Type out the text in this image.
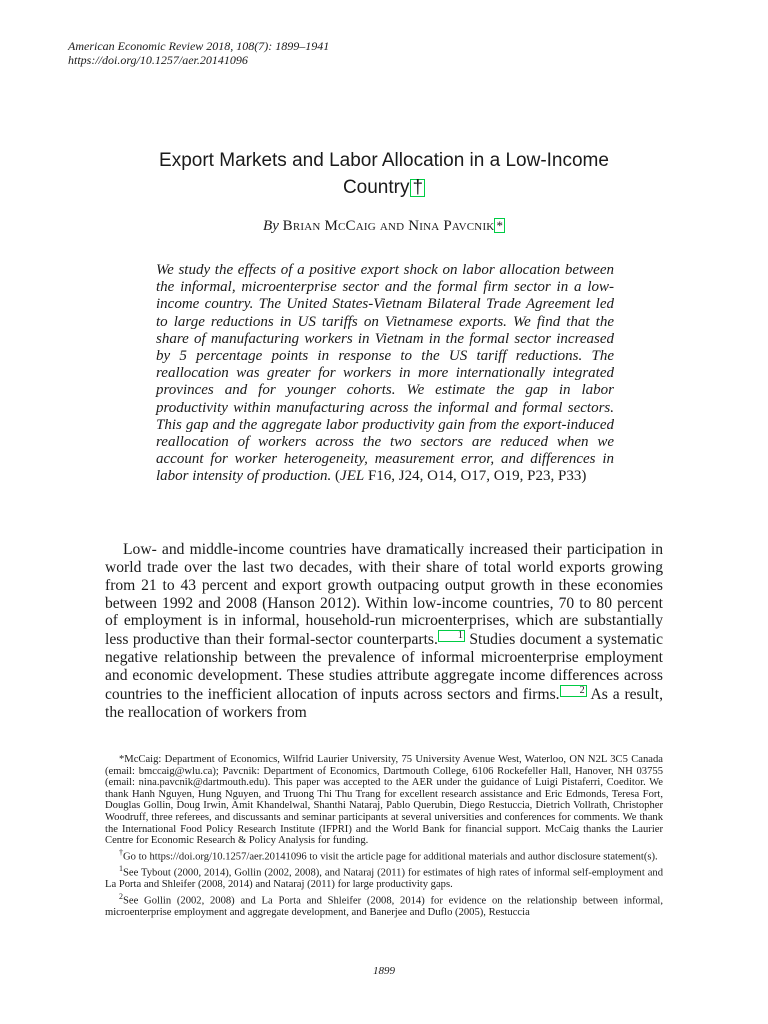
American Economic Review 2018, 108(7): 1899–1941
https://doi.org/10.1257/aer.20141096
Export Markets and Labor Allocation in a Low-Income
Country †
By Brian McCaig and Nina Pavcnik *
We study the effects of a positive export shock on labor allocation between the informal, microenterprise sector and the formal firm sector in a low-income country. The United States-Vietnam Bilateral Trade Agreement led to large reductions in US tariffs on Vietnamese exports. We find that the share of manufacturing workers in Vietnam in the formal sector increased by 5 percentage points in response to the US tariff reductions. The reallocation was greater for workers in more internationally integrated provinces and for younger cohorts. We estimate the gap in labor productivity within manufacturing across the informal and formal sectors. This gap and the aggregate labor productivity gain from the export-induced reallocation of workers across the two sectors are reduced when we account for worker heterogeneity, measurement error, and differences in labor intensity of production. (JEL F16, J24, O14, O17, O19, P23, P33)
Low- and middle-income countries have dramatically increased their participation in world trade over the last two decades, with their share of total world exports growing from 21 to 43 percent and export growth outpacing output growth in these economies between 1992 and 2008 (Hanson 2012). Within low-income countries, 70 to 80 percent of employment is in informal, household-run microenterprises, which are substantially less productive than their formal-sector counterparts. 1 Studies document a systematic negative relationship between the prevalence of informal microenterprise employment and economic development. These studies attribute aggregate income differences across countries to the inefficient allocation of inputs across sectors and firms. 2 As a result, the reallocation of workers from

*McCaig: Department of Economics, Wilfrid Laurier University, 75 University Avenue West, Waterloo, ON N2L 3C5 Canada (email: bmccaig@wlu.ca); Pavcnik: Department of Economics, Dartmouth College, 6106 Rockefeller Hall, Hanover, NH 03755 (email: nina.pavcnik@dartmouth.edu). This paper was accepted to the AER under the guidance of Luigi Pistaferri, Coeditor. We thank Hanh Nguyen, Hung Nguyen, and Truong Thi Thu Trang for excellent research assistance and Eric Edmonds, Teresa Fort, Douglas Gollin, Doug Irwin, Amit Khandelwal, Shanthi Nataraj, Pablo Querubin, Diego Restuccia, Dietrich Vollrath, Christopher Woodruff, three referees, and discussants and seminar participants at several universities and conferences for comments. We thank the International Food Policy Research Institute (IFPRI) and the World Bank for financial support. McCaig thanks the Laurier Centre for Economic Research & Policy Analysis for funding.

†Go to https://doi.org/10.1257/aer.20141096 to visit the article page for additional materials and author disclosure statement(s).

$^1$See Tybout (2000, 2014), Gollin (2002, 2008), and Nataraj (2011) for estimates of high rates of informal self-employment and La Porta and Shleifer (2008, 2014) and Nataraj (2011) for large productivity gaps.

$^2$See Gollin (2002, 2008) and La Porta and Shleifer (2008, 2014) for evidence on the relationship between informal, microenterprise employment and aggregate development, and Banerjee and Duflo (2005), Restuccia

1899
